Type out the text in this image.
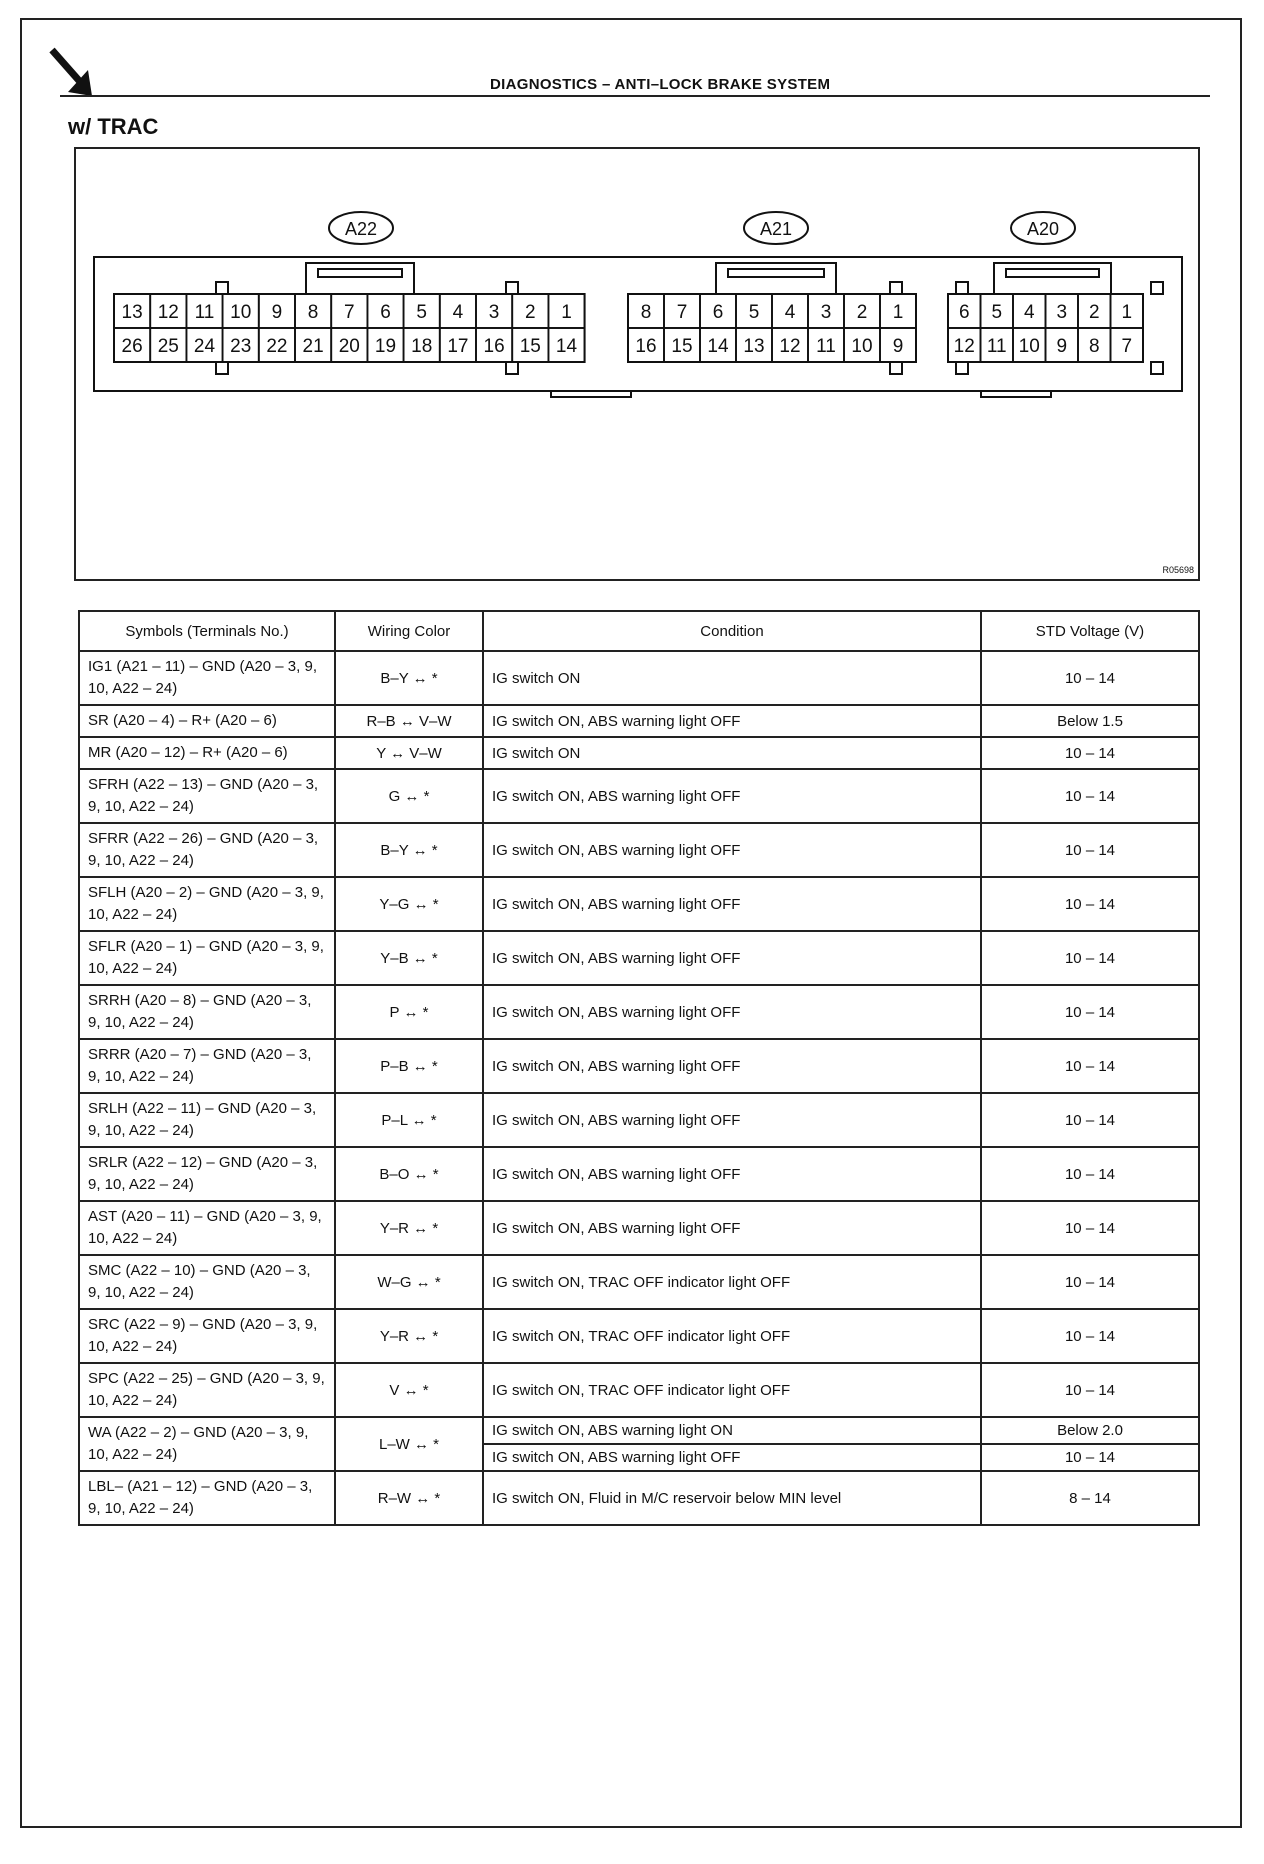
DIAGNOSTICS – ANTI–LOCK BRAKE SYSTEM
w/ TRAC
A22
13 12 11 10 9 8 7 6 5 4 3 2 1
26 25 24 23 22 21 20 19 18 17 16 15 14
A21
8 7 6 5 4 3 2 1
16 15 14 13 12 11 10 9
A20
6 5 4 3 2 1
12 11 10 9 8 7
R05698
Symbols (Terminals No.)	Wiring Color	Condition	STD Voltage (V)
IG1 (A21 – 11) – GND (A20 – 3, 9, 10, A22 – 24)	B–Y ↔ *	IG switch ON	10 – 14
SR (A20 – 4) – R+ (A20 – 6)	R–B ↔ V–W	IG switch ON, ABS warning light OFF	Below 1.5
MR (A20 – 12) – R+ (A20 – 6)	Y ↔ V–W	IG switch ON	10 – 14
SFRH (A22 – 13) – GND (A20 – 3, 9, 10, A22 – 24)	G ↔ *	IG switch ON, ABS warning light OFF	10 – 14
SFRR (A22 – 26) – GND (A20 – 3, 9, 10, A22 – 24)	B–Y ↔ *	IG switch ON, ABS warning light OFF	10 – 14
SFLH (A20 – 2) – GND (A20 – 3, 9, 10, A22 – 24)	Y–G ↔ *	IG switch ON, ABS warning light OFF	10 – 14
SFLR (A20 – 1) – GND (A20 – 3, 9, 10, A22 – 24)	Y–B ↔ *	IG switch ON, ABS warning light OFF	10 – 14
SRRH (A20 – 8) – GND (A20 – 3, 9, 10, A22 – 24)	P ↔ *	IG switch ON, ABS warning light OFF	10 – 14
SRRR (A20 – 7) – GND (A20 – 3, 9, 10, A22 – 24)	P–B ↔ *	IG switch ON, ABS warning light OFF	10 – 14
SRLH (A22 – 11) – GND (A20 – 3, 9, 10, A22 – 24)	P–L ↔ *	IG switch ON, ABS warning light OFF	10 – 14
SRLR (A22 – 12) – GND (A20 – 3, 9, 10, A22 – 24)	B–O ↔ *	IG switch ON, ABS warning light OFF	10 – 14
AST (A20 – 11) – GND (A20 – 3, 9, 10, A22 – 24)	Y–R ↔ *	IG switch ON, ABS warning light OFF	10 – 14
SMC (A22 – 10) – GND (A20 – 3, 9, 10, A22 – 24)	W–G ↔ *	IG switch ON, TRAC OFF indicator light OFF	10 – 14
SRC (A22 – 9) – GND (A20 – 3, 9, 10, A22 – 24)	Y–R ↔ *	IG switch ON, TRAC OFF indicator light OFF	10 – 14
SPC (A22 – 25) – GND (A20 – 3, 9, 10, A22 – 24)	V ↔ *	IG switch ON, TRAC OFF indicator light OFF	10 – 14
WA (A22 – 2) – GND (A20 – 3, 9, 10, A22 – 24)	L–W ↔ *	IG switch ON, ABS warning light ON	Below 2.0
		IG switch ON, ABS warning light OFF	10 – 14
LBL– (A21 – 12) – GND (A20 – 3, 9, 10, A22 – 24)	R–W ↔ *	IG switch ON, Fluid in M/C reservoir below MIN level	8 – 14
